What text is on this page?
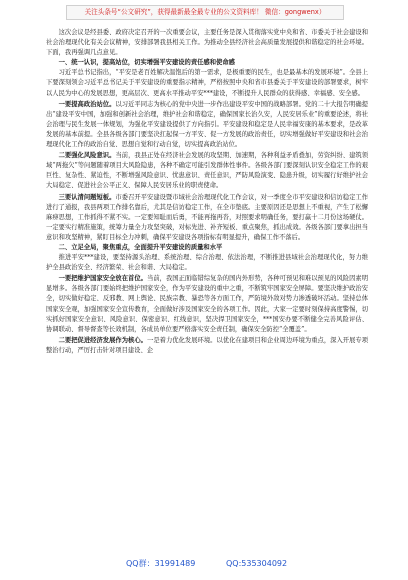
关注头条号“公文研究”，获得最新最全最专业的公文资料库！ 微信：gongwenx）

这次会议是经县委、政府决定召开的一次重要会议，主要任务是深入贯彻落实党中央和省、市委关于社会建设和社会治理现代化有关会议精神，安排部署我县相关工作。为推动全县经济社会高质量发展提供和谐稳定的社会环境。下面，我再强调几点意见。

一、统一认识，提高站位，切实增强平安建设的责任感和使命感

习近平总书记指出，“平安是老百姓解决温饱后的第一需求，是极重要的民生，也是最基本的发展环境”。全县上下要深刻领会习近平总书记关于平安建设的重要指示精神，严格按照中央和省市县委关于平安建设的部署要求，树牢以人民为中心的发展思想，更高层次、更高水平推动平安***建设，不断提升人民群众的获得感、幸福感、安全感。

一要提高政治站位。以习近平同志为核心的党中央进一步作出建设平安中国的战略部署。党的二十大报告明确提出“建设平安中国，加强和创新社会治理，维护社会和谐稳定，确保国家长治久安，人民安居乐业”的重要论述，将社会治理与民生发展一体规划，为强化平安建设提供了方向指引。平安建设和稳定是人民幸福安康的基本要求，是改革发展的基本前提。全县各级各部门要坚决扛起保一方平安、促一方发展的政治责任，切实增强做好平安建设和社会治理现代化工作的政治自觉、思想自觉和行动自觉，切实提高政治站位。

二要强化风险意识。当前，我县正处在经济社会发展的攻坚期、加速期，各种利益矛盾叠加，劳资纠纷、建筑领域“两拖欠”等问题随着项目大风险隐患，各种不确定可能引发群体性事件。各级各部门要深刻认识安全稳定工作的艰巨性、复杂性、紧迫性，不断增强风险意识、忧患意识、责任意识，严防风险演变、隐患升级，切实履行好维护社会大局稳定、促进社会公平正义、保障人民安居乐业的职责使命。

三要认清问题短板。市委召开平安建设暨市域社会治理现代化工作会议，对一季度全市平安建设和信访稳定工作进行了通报，我县两项工作排名靠后，尤其是信访稳定工作，在全市垫底。主要原因还是思想上不重视，产生了松懈麻痹思想，工作抓得不紧不实。一定要知耻而后勇，不能再拖再沓，对照要求明确任务，要打赢十二月份这场硬仗。一定要实行精准施策，统筹力量全力攻坚突破，对标先进、补齐短板、重点聚焦，抓出成效。各级各部门要拿出担当意识和攻坚精神，紧盯目标全力冲刺，确保平安建设各项指标有明显提升，确保工作不落后。

二、立足全局，聚焦重点，全面提升平安建设的质量和水平

推进平安***建设，要坚持源头治理、系统治理、综合治理、依法治理，不断推进县域社会治理现代化，努力维护全县政治安全、经济繁荣、社会和谐、大局稳定。

一要把维护国家安全放在首位。当前，我国正面临错综复杂的国内外形势，各种可预见和难以预见的风险因素明显增多。各级各部门要始终把维护国家安全，作为平安建设的重中之重，不断筑牢国家安全屏障。要坚决维护政治安全，切实做好稳定、反邪教、网上舆论、民族宗教、暴恐等各方面工作，严防境外敌对势力渗透破坏活动。坚持总体国家安全观，加强国家安全宣传教育，全面做好涉及国家安全的各项工作。因此，大家一定要时刻保持高度警惕，切实抓好国家安全意识、风险意识、保密意识、红线意识，坚决捍卫国家安全，***国安办要不断健全完善风险评估、协调联动、督导督查等长效机制，各成员单位要严格落实安全责任制，确保安全防控“全覆盖”。

二要把促进经济发展作为核心。一是着力优化发展环境。以优化在建项目和企业周边环境为重点，深入开展专项整治行动，严厉打击针对项目建设、企

QQ群：31991489	QQ:535304092
